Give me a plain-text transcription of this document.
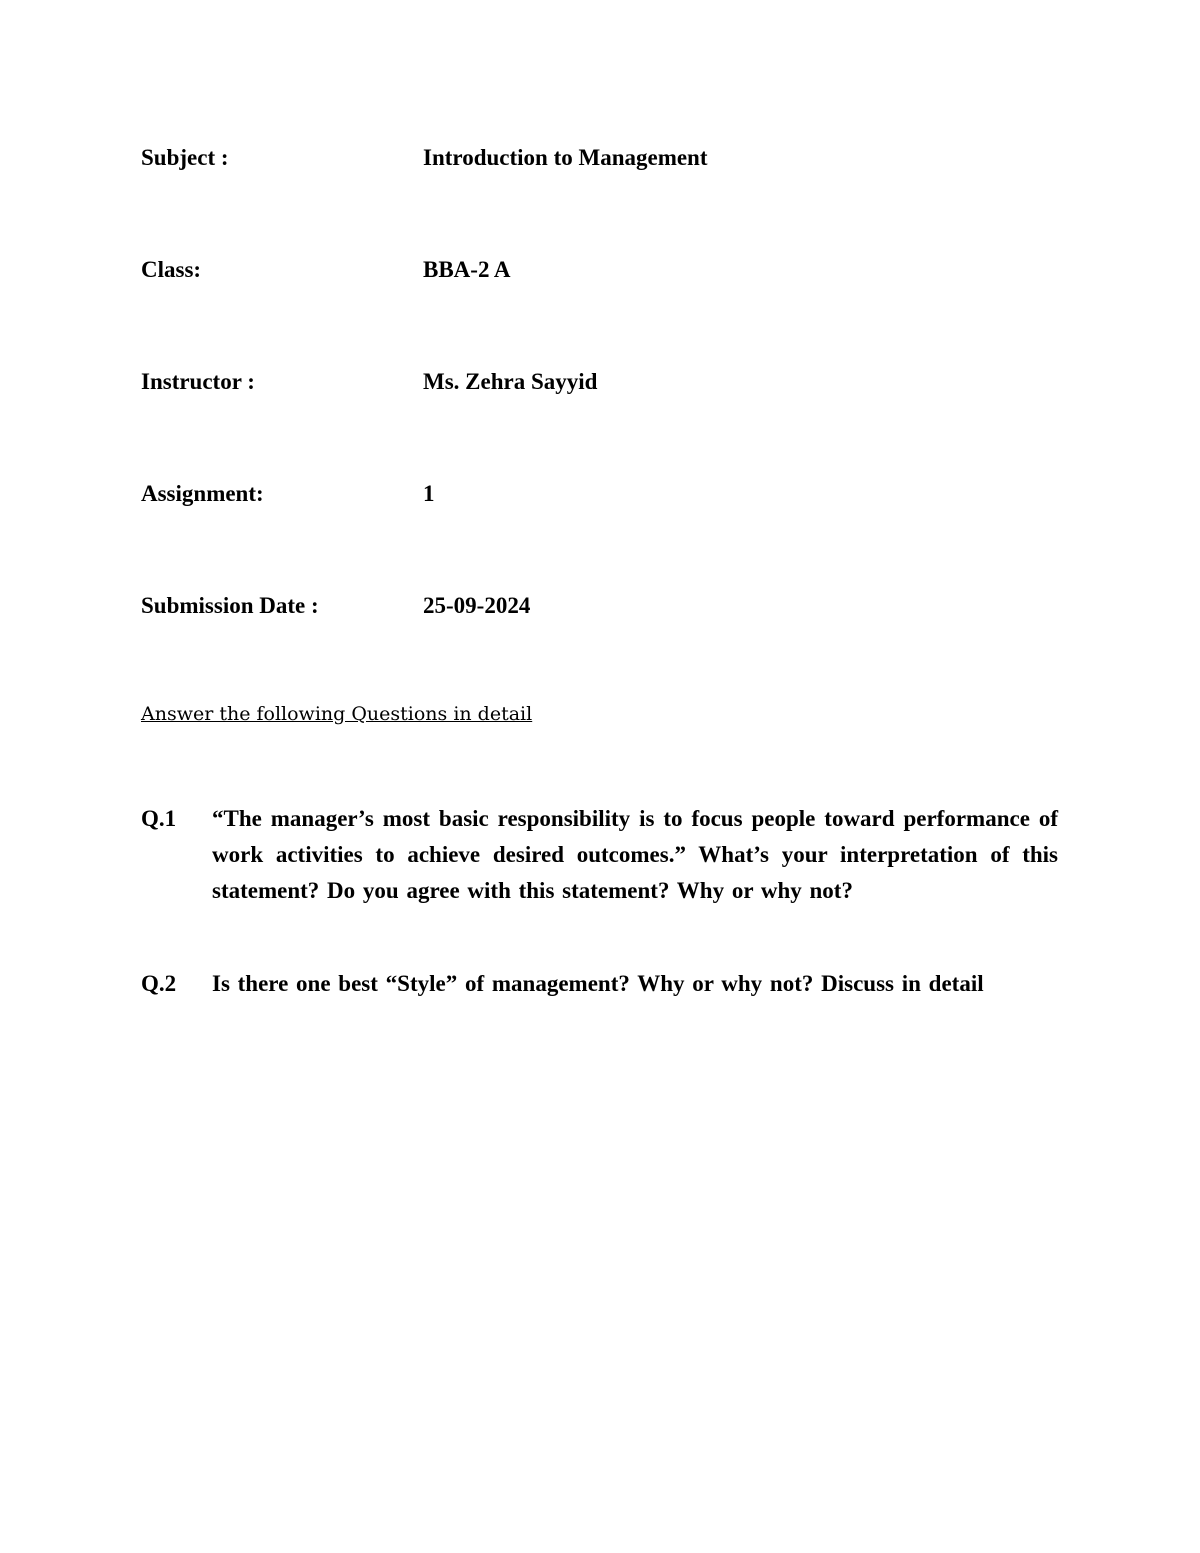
Subject :	Introduction to Management
Class:	BBA-2 A
Instructor :	Ms. Zehra Sayyid
Assignment:	1
Submission Date :	25-09-2024
Answer the following Questions in detail
Q.1 “The manager’s most basic responsibility is to focus people toward performance of work activities to achieve desired outcomes.” What’s your interpretation of this statement? Do you agree with this statement? Why or why not?
Q.2 Is there one best “Style” of management? Why or why not? Discuss in detail
